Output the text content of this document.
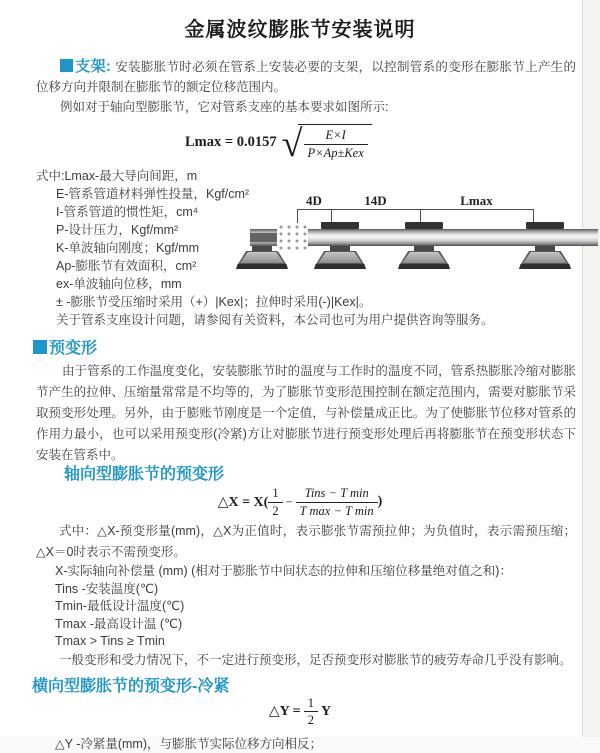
金属波纹膨胀节安装说明
支架: 安装膨胀节时必须在管系上安装必要的支架，以控制管系的变形在膨胀节上产生的位移方向并限制在膨胀节的额定位移范围内。
例如对于轴向型膨胀节，它对管系支座的基本要求如图所示:
Lmax = 0.0157 √ $\frac{E\times I}{\text{P×Ap±Kex}}$
式中:Lmax-最大导向间距，m
E-管系管道材料弹性投量，Kgf/cm²
I-管系管道的惯性矩，cm⁴
P-设计压力，Kgf/mm²
K-单波轴向刚度；Kgf/mm
Ap-膨胀节有效面积，cm²
ex-单波轴向位移，mm
± -膨胀节受压缩时采用（+）|Kex|；拉伸时采用(-)|Kex|。
关于管系支座设计问题，请参阅有关资料，本公司也可为用户提供咨询等服务。
4D	14D	Lmax
预变形
由于管系的工作温度变化，安装膨胀节时的温度与工作时的温度不同，管系热膨胀冷缩对膨胀节产生的拉伸、压缩量常常是不均等的，为了膨胀节变形范围控制在额定范围内，需要对膨胀节采取预变形处理。另外，由于膨账节刚度是一个定值，与补偿量成正比。为了使膨胀节位移对管系的作用力最小，也可以采用预变形(冷紧)方让对膨胀节进行预变形处理后再将膨胀节在预变形状态下安装在管系中。
轴向型膨胀节的预变形
△X = $X( \frac{1}{2} - \frac{\text{Tins − T min}}{\text{T max − T min}}$ )
式中：△X-预变形量(mm)，△X为正值时，表示膨张节需预拉伸；为负值时，表示需预压缩；△X＝0时表示不需预变形。
X-实际轴向补偿量 (mm) (相对于膨胀节中间状态的拉伸和压缩位移量绝对值之和)：
Tins -安装温度(℃)
Tmin-最低设计温度(℃)
Tmax -最高设计温 (℃)
Tmax > Tins ≥ Tmin
一般变形和受力情况下，不一定进行预变形，足否预变形对膨胀节的疲劳寿命几乎没有影响。
横向型膨胀节的预变形-冷紧
△Y =
$\frac{1}{2}$ Y
△Y -冷紧量(mm)，与膨胀节实际位移方向相反；
